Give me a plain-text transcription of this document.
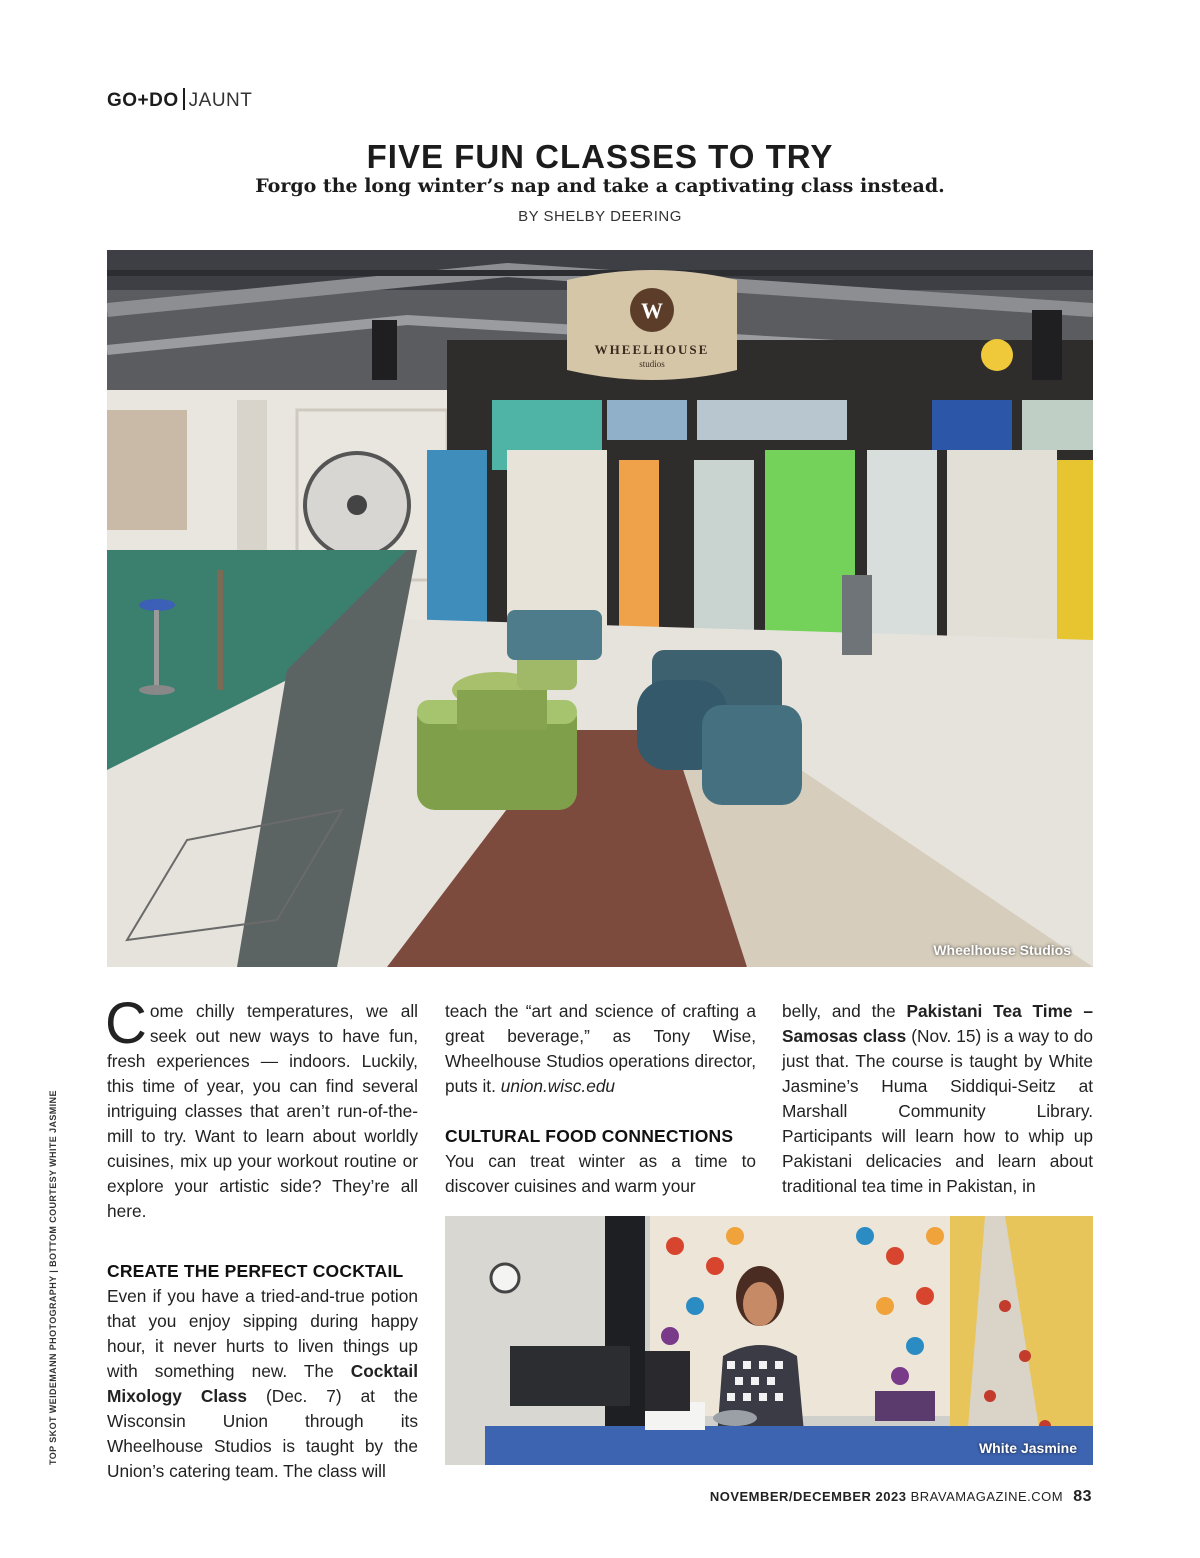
GO+DO JAUNT
FIVE FUN CLASSES TO TRY
Forgo the long winter’s nap and take a captivating class instead.
BY SHELBY DEERING
W
WHEELHOUSE
studios
Wheelhouse Studios

Come chilly temperatures, we all seek out new ways to have fun, fresh experiences — indoors. Luckily, this time of year, you can find several intriguing classes that aren’t run-of-the-mill to try. Want to learn about worldly cuisines, mix up your workout routine or explore your artistic side? They’re all here.

CREATE THE PERFECT COCKTAIL

Even if you have a tried-and-true potion that you enjoy sipping during happy hour, it never hurts to liven things up with something new. The Cocktail Mixology Class (Dec. 7) at the Wisconsin Union through its Wheelhouse Studios is taught by the Union’s catering team. The class will

teach the “art and science of crafting a great beverage,” as Tony Wise, Wheelhouse Studios operations director, puts it. union.wisc.edu

CULTURAL FOOD CONNECTIONS

You can treat winter as a time to discover cuisines and warm your

belly, and the Pakistani Tea Time – Samosas class (Nov. 15) is a way to do just that. The course is taught by White Jasmine’s Huma Siddiqui-Seitz at Marshall Community Library. Participants will learn how to whip up Pakistani delicacies and learn about traditional tea time in Pakistan, in

White Jasmine
TOP SKOT WEIDEMANN PHOTOGRAPHY | BOTTOM COURTESY WHITE JASMINE
NOVEMBER/DECEMBER 2023 BRAVAMAGAZINE.COM 83
